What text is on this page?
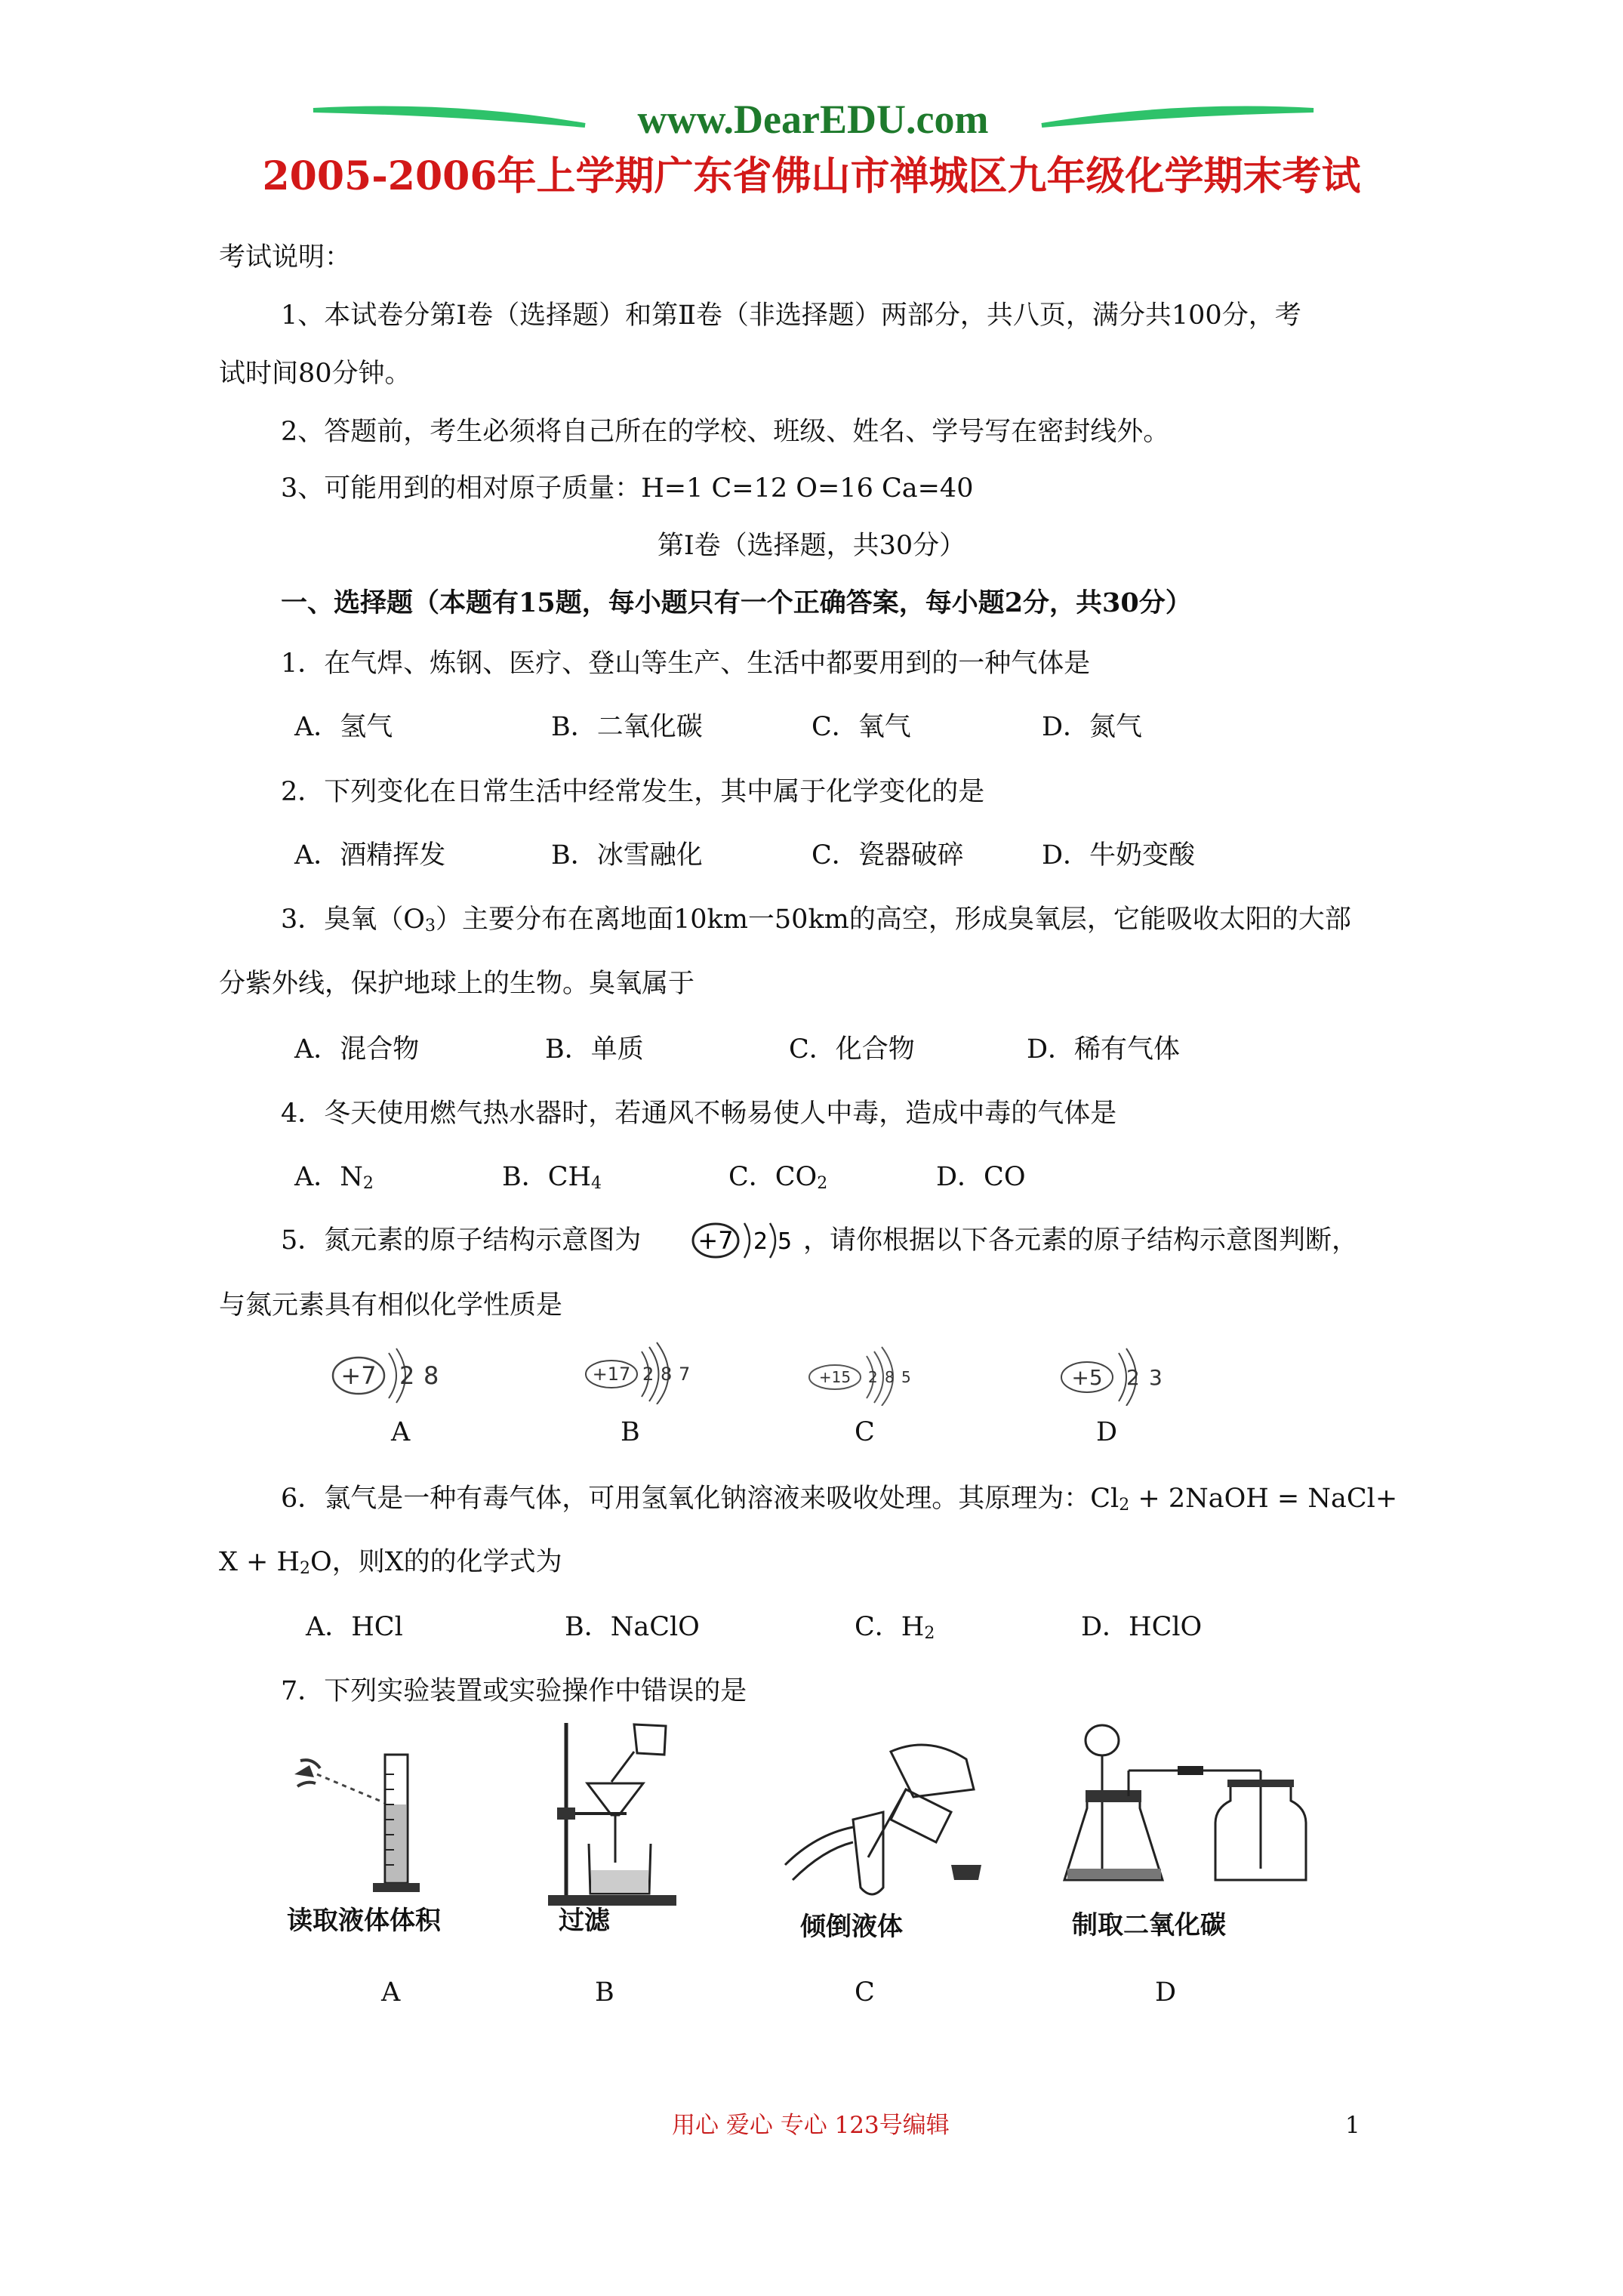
www.DearEDU.com
2005-2006年上学期广东省佛山市禅城区九年级化学期末考试
考试说明：
1、本试卷分第Ⅰ卷（选择题）和第Ⅱ卷（非选择题）两部分，共八页，满分共100分，考
试时间80分钟。
2、答题前，考生必须将自己所在的学校、班级、姓名、学号写在密封线外。
3、可能用到的相对原子质量：H=1 C=12 O=16 Ca=40
第Ⅰ卷（选择题，共30分）
一、选择题（本题有15题，每小题只有一个正确答案，每小题2分，共30分）
1．在气焊、炼钢、医疗、登山等生产、生活中都要用到的一种气体是
A．氢气	B．二氧化碳	C．氧气	D．氮气
2．下列变化在日常生活中经常发生，其中属于化学变化的是
A．酒精挥发	B．冰雪融化	C．瓷器破碎	D．牛奶变酸
3．臭氧$(O_3)$主要分布在离地面10km一50km的高空，形成臭氧层，它能吸收太阳的大部
分紫外线，保护地球上的生物。臭氧属于
A．混合物	B．单质	C．化合物	D．稀有气体
4．冬天使用燃气热水器时，若通风不畅易使人中毒，造成中毒的气体是
A．$N_2$	B．$CH_4$	C．$CO_2$	D．CO
5．氮元素的原子结构示意图为 +7 2 5 ，请你根据以下各元素的原子结构示意图判断，
与氮元素具有相似化学性质是
+7 2 8
A
+17 2 8 7
B
+15 2 8 5
C
+5 2 3
D
6．氯气是一种有毒气体，可用氢氧化钠溶液来吸收处理。其原理为：$Cl_2$ + 2NaOH = NaCl+
$X + H_2O$，则X的的化学式为
A．HCl	B．NaClO	C．$H_2$	D．HClO
7．下列实验装置或实验操作中错误的是
读取液体体积
A
过滤
B
倾倒液体
C
制取二氧化碳
D
用心 爱心 专心 123号编辑	1
